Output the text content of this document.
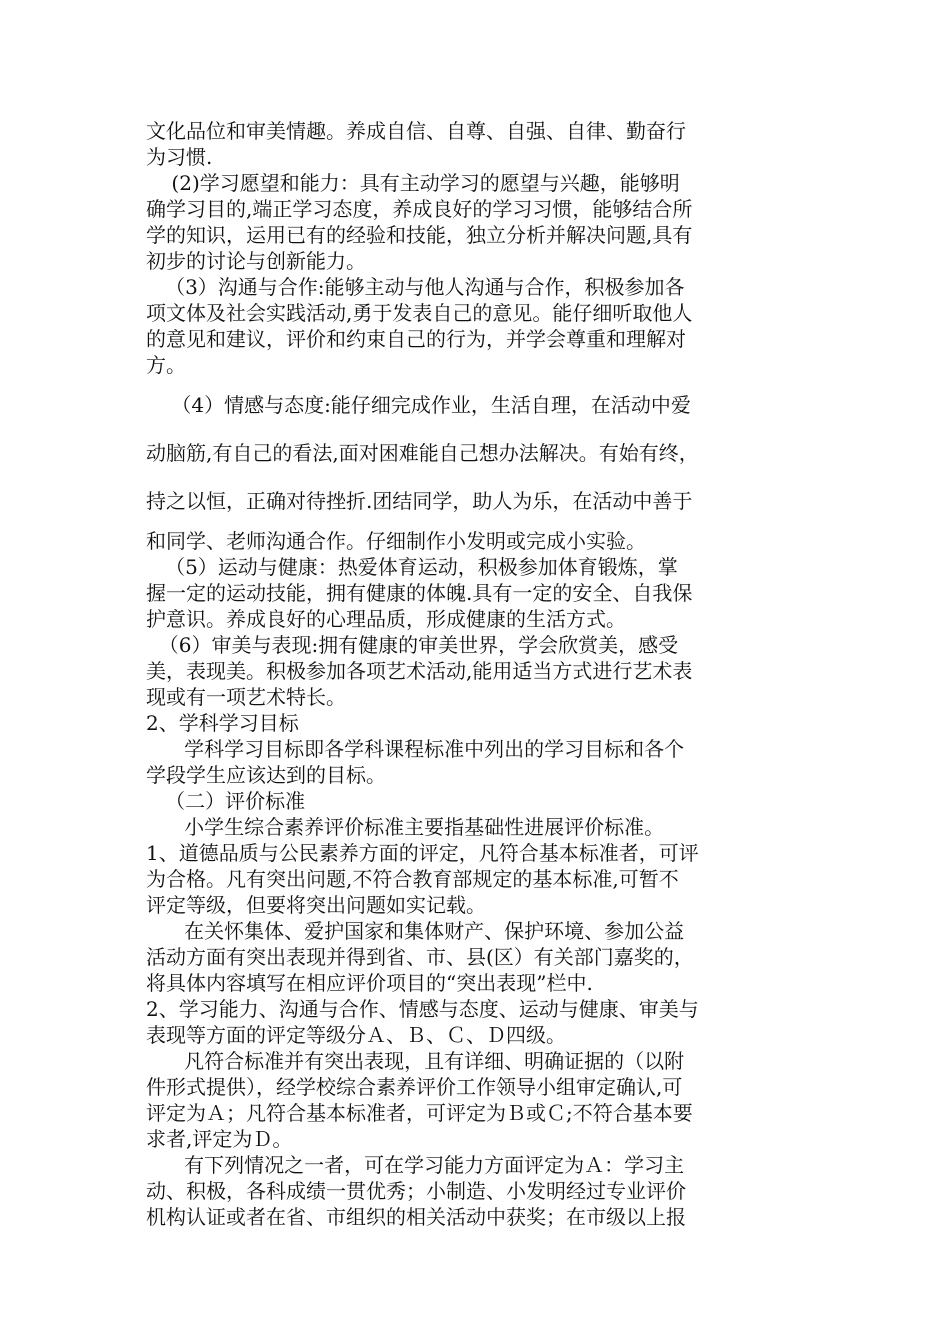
文化品位和审美情趣。养成自信、自尊、自强、自律、勤奋行

为习惯.

(2)学习愿望和能力：具有主动学习的愿望与兴趣，能够明

确学习目的,端正学习态度，养成良好的学习习惯，能够结合所

学的知识，运用已有的经验和技能，独立分析并解决问题,具有

初步的讨论与创新能力。

（3）沟通与合作:能够主动与他人沟通与合作，积极参加各

项文体及社会实践活动,勇于发表自己的意见。能仔细听取他人

的意见和建议，评价和约束自己的行为，并学会尊重和理解对

方。

（4）情感与态度:能仔细完成作业，生活自理，在活动中爱

动脑筋,有自己的看法,面对困难能自己想办法解决。有始有终，

持之以恒，正确对待挫折.团结同学，助人为乐，在活动中善于

和同学、老师沟通合作。仔细制作小发明或完成小实验。

（5）运动与健康：热爱体育运动，积极参加体育锻炼，掌

握一定的运动技能，拥有健康的体魄.具有一定的安全、自我保

护意识。养成良好的心理品质，形成健康的生活方式。

（6）审美与表现:拥有健康的审美世界，学会欣赏美，感受

美，表现美。积极参加各项艺术活动,能用适当方式进行艺术表

现或有一项艺术特长。

2、学科学习目标

学科学习目标即各学科课程标准中列出的学习目标和各个

学段学生应该达到的目标。

（二）评价标准

小学生综合素养评价标准主要指基础性进展评价标准。

1、道德品质与公民素养方面的评定，凡符合基本标准者，可评

为合格。凡有突出问题,不符合教育部规定的基本标准,可暂不

评定等级，但要将突出问题如实记载。

在关怀集体、爱护国家和集体财产、保护环境、参加公益

活动方面有突出表现并得到省、市、县(区）有关部门嘉奖的，

将具体内容填写在相应评价项目的“突出表现”栏中.

2、学习能力、沟通与合作、情感与态度、运动与健康、审美与

表现等方面的评定等级分Ａ、Ｂ、Ｃ、Ｄ四级。

凡符合标准并有突出表现，且有详细、明确证据的（以附

件形式提供），经学校综合素养评价工作领导小组审定确认,可

评定为Ａ；凡符合基本标准者，可评定为Ｂ或Ｃ;不符合基本要

求者,评定为Ｄ。

有下列情况之一者，可在学习能力方面评定为Ａ：学习主

动、积极，各科成绩一贯优秀；小制造、小发明经过专业评价

机构认证或者在省、市组织的相关活动中获奖；在市级以上报
